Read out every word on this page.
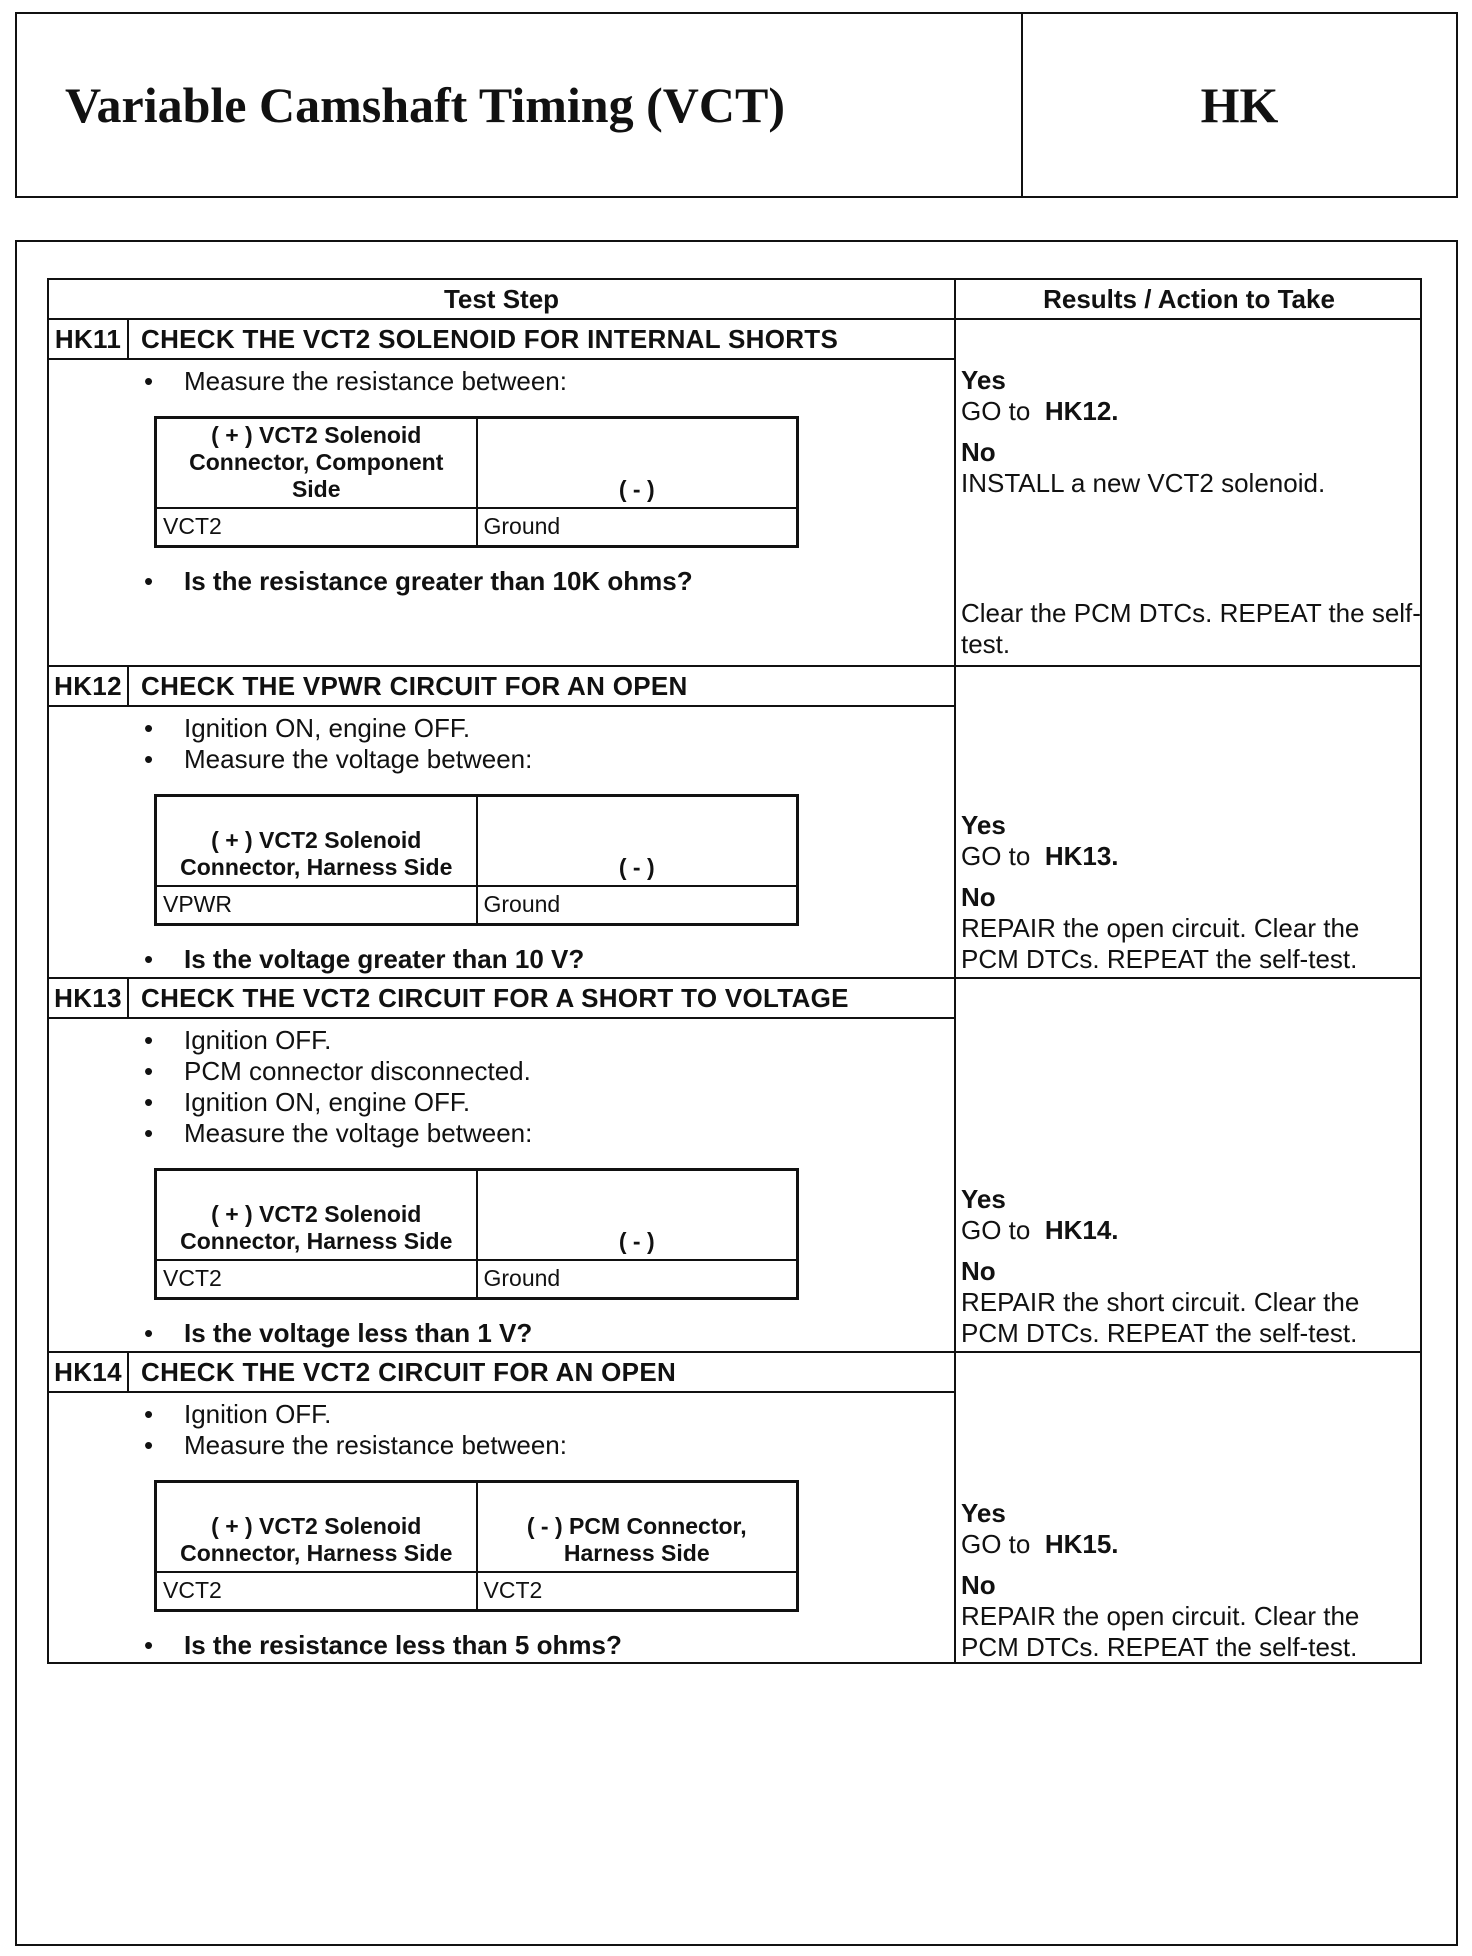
Variable Camshaft Timing (VCT)	HK
Test Step	Results / Action to Take
HK11 CHECK THE VCT2 SOLENOID FOR INTERNAL SHORTS
• Measure the resistance between:
( + ) VCT2 Solenoid Connector, Component Side	( - )
VCT2	Ground
• Is the resistance greater than 10K ohms?
Yes
GO to HK12.
No
INSTALL a new VCT2 solenoid.
Clear the PCM DTCs. REPEAT the self-test.
HK12 CHECK THE VPWR CIRCUIT FOR AN OPEN
• Ignition ON, engine OFF.
• Measure the voltage between:
( + ) VCT2 Solenoid Connector, Harness Side	( - )
VPWR	Ground
• Is the voltage greater than 10 V?
Yes
GO to HK13.
No
REPAIR the open circuit. Clear the PCM DTCs. REPEAT the self-test.
HK13 CHECK THE VCT2 CIRCUIT FOR A SHORT TO VOLTAGE
• Ignition OFF.
• PCM connector disconnected.
• Ignition ON, engine OFF.
• Measure the voltage between:
( + ) VCT2 Solenoid Connector, Harness Side	( - )
VCT2	Ground
• Is the voltage less than 1 V?
Yes
GO to HK14.
No
REPAIR the short circuit. Clear the PCM DTCs. REPEAT the self-test.
HK14 CHECK THE VCT2 CIRCUIT FOR AN OPEN
• Ignition OFF.
• Measure the resistance between:
( + ) VCT2 Solenoid Connector, Harness Side	( - ) PCM Connector, Harness Side
VCT2	VCT2
• Is the resistance less than 5 ohms?
Yes
GO to HK15.
No
REPAIR the open circuit. Clear the PCM DTCs. REPEAT the self-test.
